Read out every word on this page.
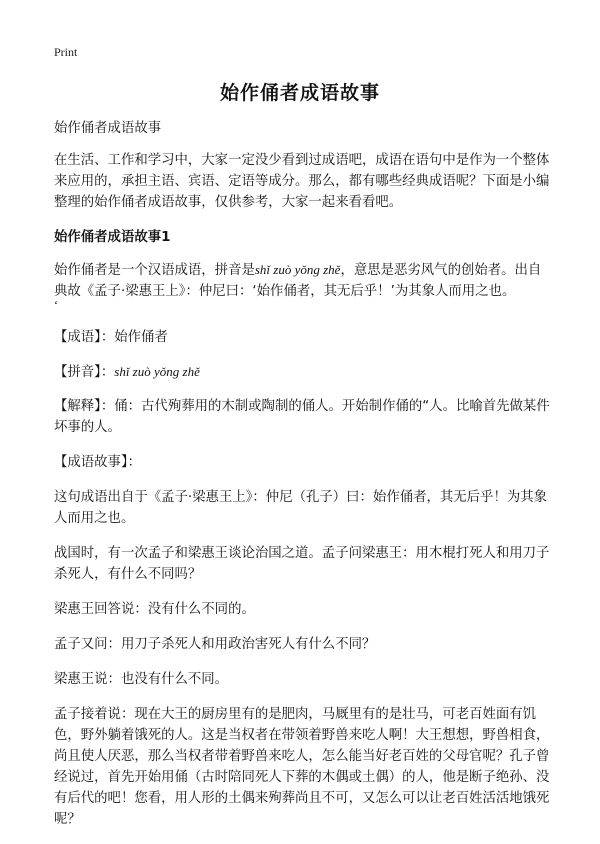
Print
始作俑者成语故事

始作俑者成语故事

在生活、工作和学习中，大家一定没少看到过成语吧，成语在语句中是作为一个整体来应用的，承担主语、宾语、定语等成分。那么，都有哪些经典成语呢？下面是小编整理的始作俑者成语故事，仅供参考，大家一起来看看吧。

始作俑者成语故事1

始作俑者是一个汉语成语，拼音是shǐ zuò yǒng zhě，意思是恶劣风气的创始者。出自典故《孟子·梁惠王上》：仲尼曰：‘始作俑者，其无后乎！’为其象人而用之也。

‘

【成语】：始作俑者

【拼音】：shǐ zuò yǒng zhě

【解释】：俑：古代殉葬用的木制或陶制的俑人。开始制作俑的“人。比喻首先做某件坏事的人。

【成语故事】：

这句成语出自于《孟子·梁惠王上》：仲尼（孔子）曰：始作俑者，其无后乎！为其象人而用之也。

战国时，有一次孟子和梁惠王谈论治国之道。孟子问梁惠王：用木棍打死人和用刀子杀死人，有什么不同吗？

梁惠王回答说：没有什么不同的。

孟子又问：用刀子杀死人和用政治害死人有什么不同？

梁惠王说：也没有什么不同。

孟子接着说：现在大王的厨房里有的是肥肉，马厩里有的是壮马，可老百姓面有饥色，野外躺着饿死的人。这是当权者在带领着野兽来吃人啊！大王想想，野兽相食，尚且使人厌恶，那么当权者带着野兽来吃人，怎么能当好老百姓的父母官呢？孔子曾经说过，首先开始用俑（古时陪同死人下葬的木偶或土偶）的人，他是断子绝孙、没有后代的吧！您看，用人形的土偶来殉葬尚且不可，又怎么可以让老百姓活活地饿死呢？
